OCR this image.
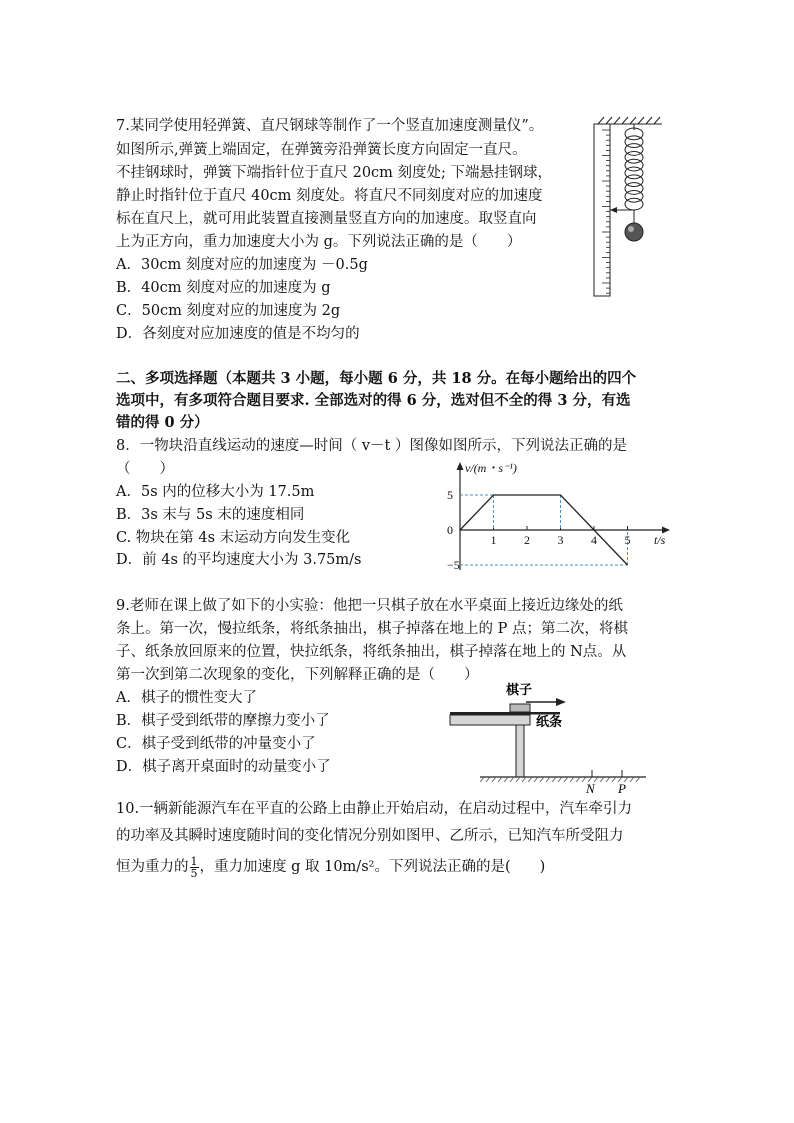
7.某同学使用轻弹簧、直尺钢球等制作了一个竖直加速度测量仪”。
如图所示,弹簧上端固定，在弹簧旁沿弹簧长度方向固定一直尺。
不挂钢球时，弹簧下端指针位于直尺 20cm 刻度处; 下端悬挂钢球，
静止时指针位于直尺 40cm 刻度处。将直尺不同刻度对应的加速度
标在直尺上，就可用此装置直接测量竖直方向的加速度。取竖直向
上为正方向，重力加速度大小为 g。下列说法正确的是（　　）
A．30cm 刻度对应的加速度为 －0.5g
B．40cm 刻度对应的加速度为 g
C．50cm 刻度对应的加速度为 2g
D．各刻度对应加速度的值是不均匀的
二、多项选择题（本题共 3 小题，每小题 6 分，共 18 分。在每小题给出的四个
选项中，有多项符合题目要求. 全部选对的得 6 分，选对但不全的得 3 分，有选
错的得 0 分）
8．一物块沿直线运动的速度—时间（ v－t ）图像如图所示，下列说法正确的是
（　　）
A．5s 内的位移大小为 17.5m
B．3s 末与 5s 末的速度相同
C. 物块在第 4s 末运动方向发生变化
D．前 4s 的平均速度大小为 3.75m/s
1 2 3 4 5
5
0
−5
v/(m・s⁻¹)
t/s
9.老师在课上做了如下的小实验：他把一只棋子放在水平桌面上接近边缘处的纸
条上。第一次，慢拉纸条，将纸条抽出，棋子掉落在地上的 P 点；第二次，将棋
子、纸条放回原来的位置，快拉纸条，将纸条抽出，棋子掉落在地上的 N点。从
第一次到第二次现象的变化，下列解释正确的是（　　）
A．棋子的惯性变大了
B．棋子受到纸带的摩擦力变小了
C．棋子受到纸带的冲量变小了
D．棋子离开桌面时的动量变小了
棋子
纸条
N P
10.一辆新能源汽车在平直的公路上由静止开始启动，在启动过程中，汽车牵引力
的功率及其瞬时速度随时间的变化情况分别如图甲、乙所示，已知汽车所受阻力
恒为重力的 $\frac{1}{5}$ ，重力加速度 g 取 10m/s²。下列说法正确的是(　　)
